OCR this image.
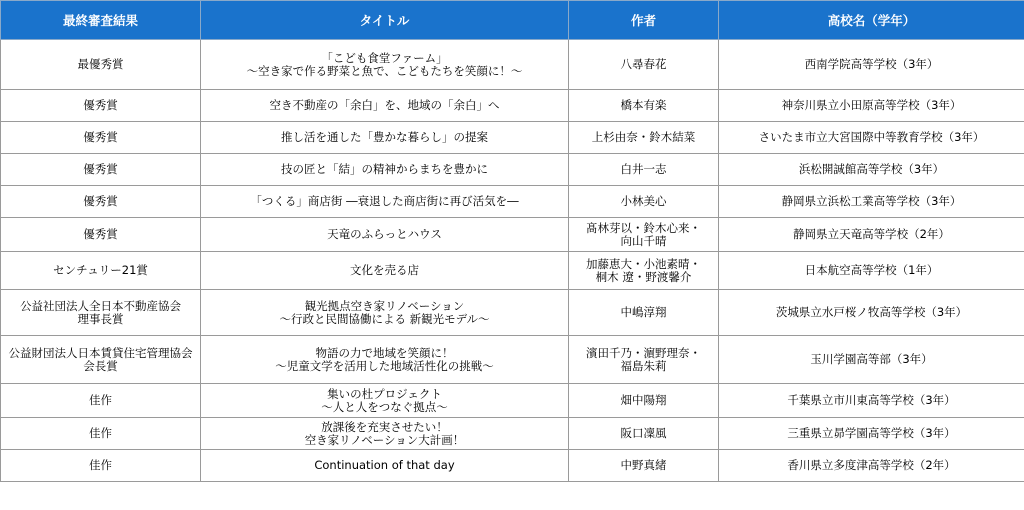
最終審査結果	タイトル	作者	高校名（学年）

最優秀賞	「こども食堂ファーム」
～空き家で作る野菜と魚で、こどもたちを笑顔に！～	八尋春花	西南学院高等学校（3年）

優秀賞	空き不動産の「余白」を、地域の「余白」へ	橋本有楽	神奈川県立小田原高等学校（3年）

優秀賞	推し活を通した「豊かな暮らし」の提案	上杉由奈・鈴木結菜	さいたま市立大宮国際中等教育学校（3年）

優秀賞	技の匠と「結」の精神からまちを豊かに	白井一志	浜松開誠館高等学校（3年）

優秀賞	「つくる」商店街 ―衰退した商店街に再び活気を―	小林美心	静岡県立浜松工業高等学校（3年）

優秀賞	天竜のふらっとハウス	髙林芽以・鈴木心来・
向山千晴	静岡県立天竜高等学校（2年）

センチュリー21賞	文化を売る店	加藤恵大・小池素晴・
桐木 遼・野渡馨介	日本航空高等学校（1年）

公益社団法人全日本不動産協会
理事長賞	観光拠点空き家リノベーション
～行政と民間協働による 新観光モデル～	中嶋淳翔	茨城県立水戸桜ノ牧高等学校（3年）

公益財団法人日本賃貸住宅管理協会
会長賞	物語の力で地域を笑顔に！
～児童文学を活用した地域活性化の挑戦～	濱田千乃・濵野理奈・
福島朱莉	玉川学園高等部（3年）

佳作	集いの杜プロジェクト
～人と人をつなぐ拠点～	畑中陽翔	千葉県立市川東高等学校（3年）

佳作	放課後を充実させたい！
空き家リノベーション大計画！	阪口凜風	三重県立昴学園高等学校（3年）

佳作	Continuation of that day	中野真緒	香川県立多度津高等学校（2年）
